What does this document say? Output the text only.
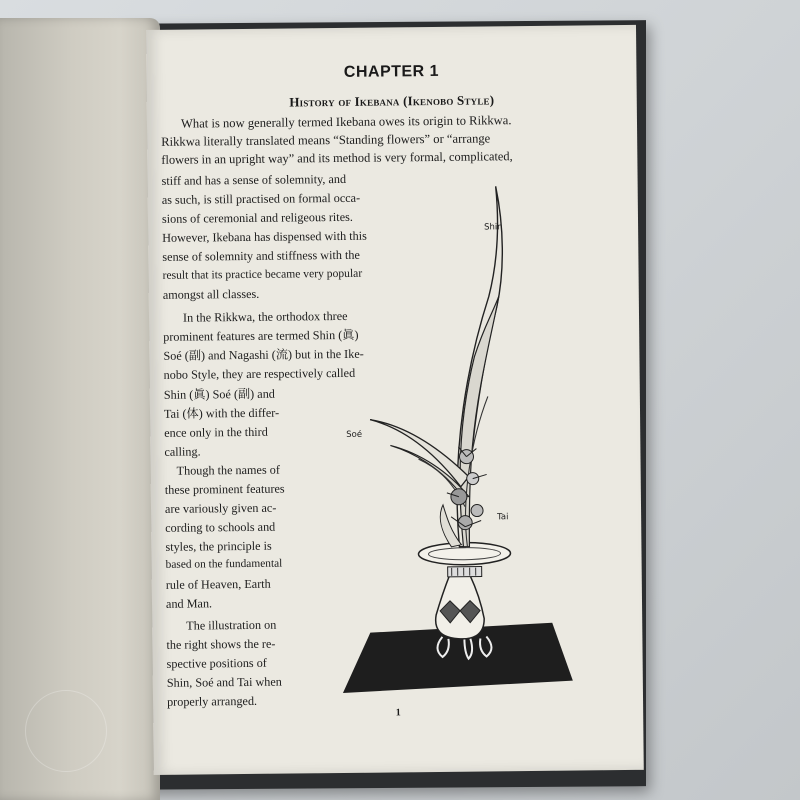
CHAPTER 1
History of Ikebana (Ikenobo Style)
What is now generally termed Ikebana owes its origin to Rikkwa.
Rikkwa literally translated means “Standing flowers” or “arrange
flowers in an upright way” and its method is very formal, complicated,
stiff and has a sense of solemnity, and
as such, is still practised on formal occa-
sions of ceremonial and religeous rites.
However, Ikebana has dispensed with this
sense of solemnity and stiffness with the
result that its practice became very popular
amongst all classes.
In the Rikkwa, the orthodox three
prominent features are termed Shin (眞)
Soé (副) and Nagashi (流) but in the Ike-
nobo Style, they are respectively called
Shin (眞) Soé (副) and
Tai (体) with the differ-
ence only in the third
calling.
Though the names of
these prominent features
are variously given ac-
cording to schools and
styles, the principle is
based on the fundamental
rule of Heaven, Earth
and Man.
The illustration on
the right shows the re-
spective positions of
Shin, Soé and Tai when
properly arranged.
Shin
Soé
Tai
1
